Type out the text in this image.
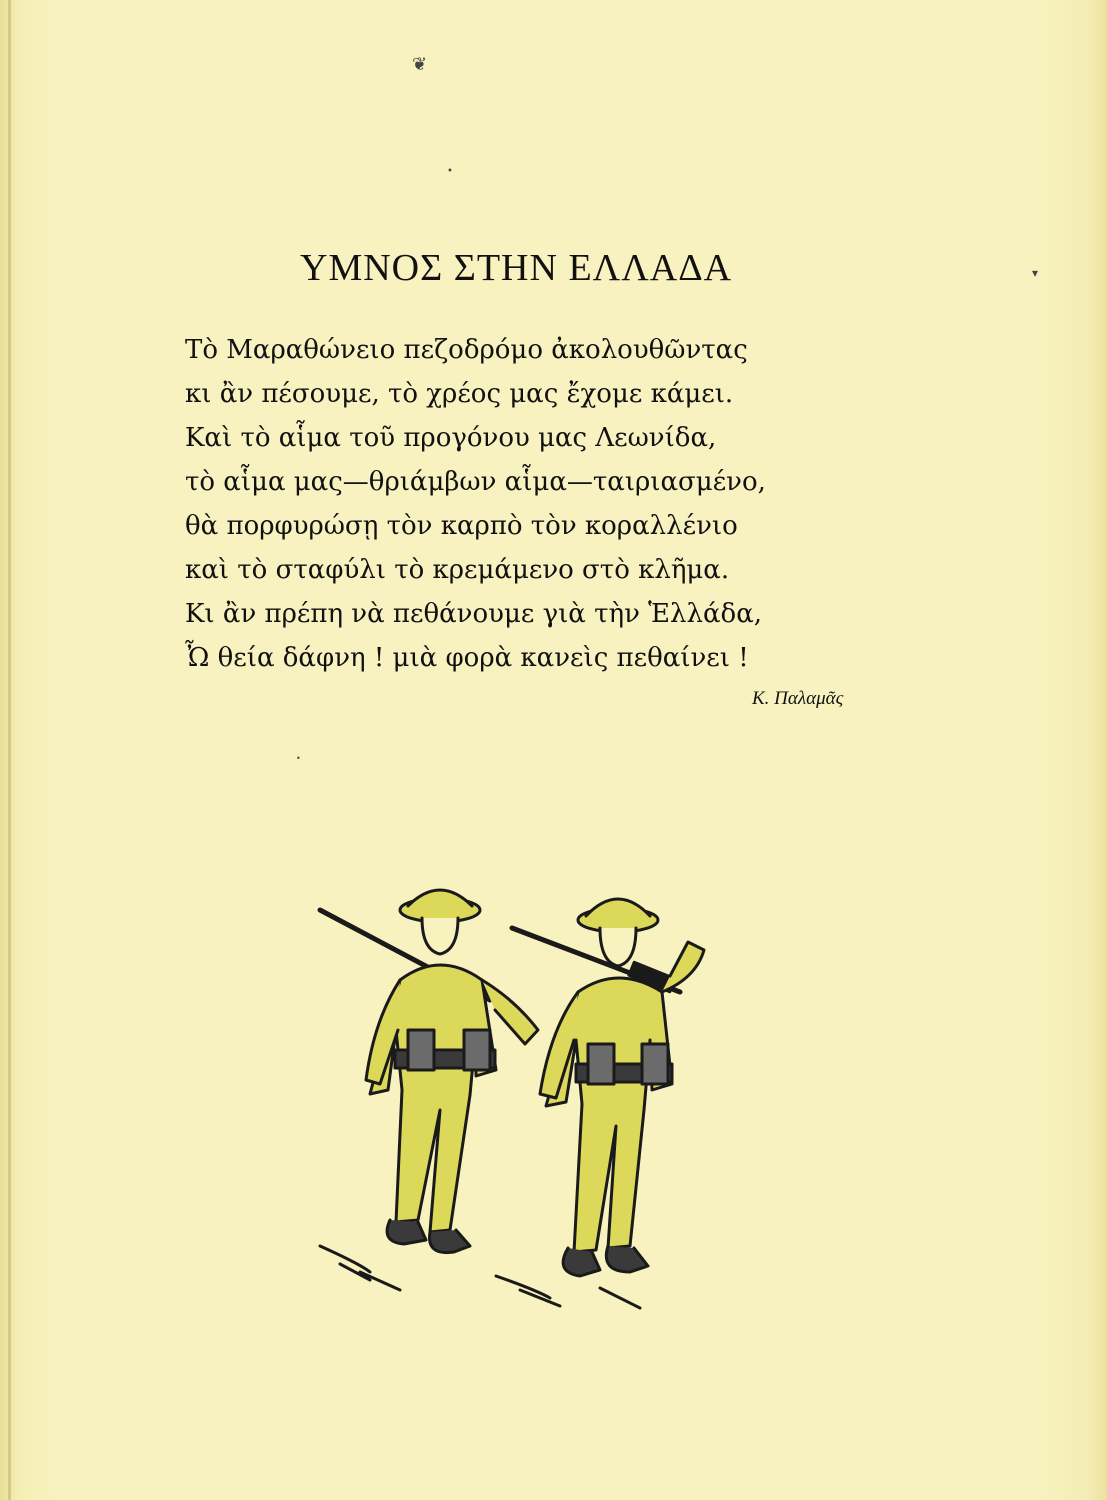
❦
•
▾
•
ΥΜΝΟΣ ΣΤΗΝ ΕΛΛΑΔΑ
Τὸ Μαραθώνειο πεζοδρόμο ἀκολουθῶντας
κι ἂν πέσουμε, τὸ χρέος μας ἔχομε κάμει.
Καὶ τὸ αἷμα τοῦ προγόνου μας Λεωνίδα,
τὸ αἷμα μας—θριάμβων αἷμα—ταιριασμένο,
θὰ πορφυρώσῃ τὸν καρπὸ τὸν κοραλλένιο
καὶ τὸ σταφύλι τὸ κρεμάμενο στὸ κλῆμα.
Κι ἂν πρέπη νὰ πεθάνουμε γιὰ τὴν Ἑλλάδα,
Ὦ θεία δάφνη ! μιὰ φορὰ κανεὶς πεθαίνει !
Κ. Παλαμᾶς
